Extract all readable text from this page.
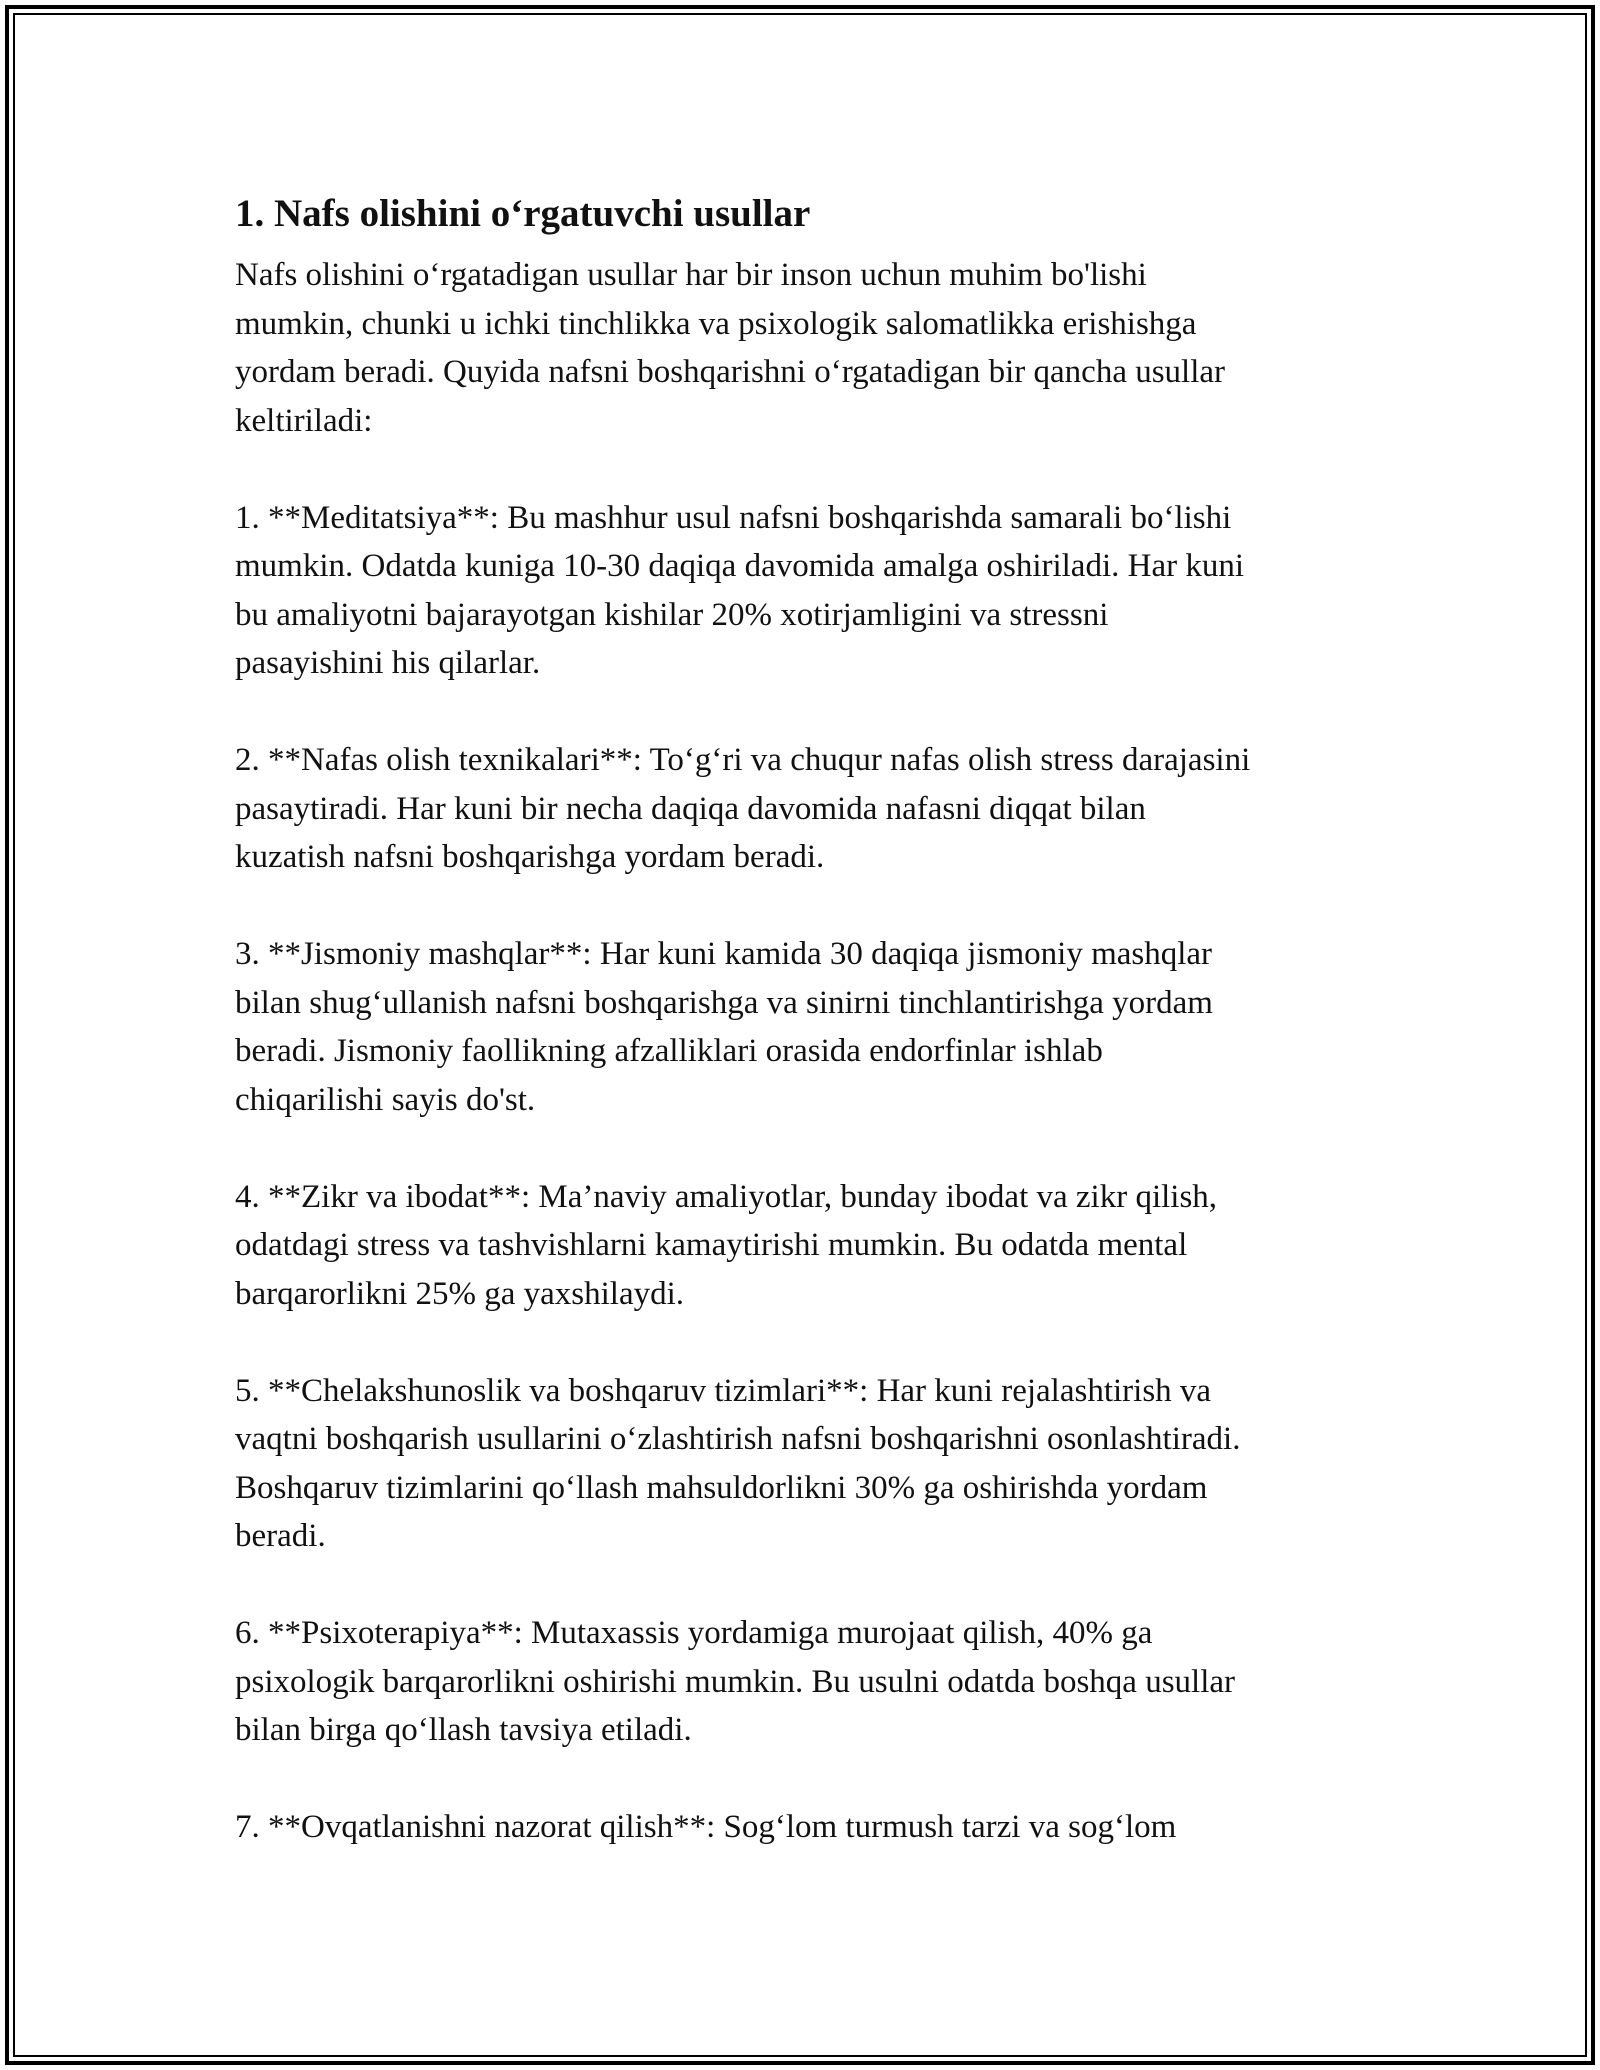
1. Nafs olishini o‘rgatuvchi usullar

Nafs olishini o‘rgatadigan usullar har bir inson uchun muhim bo'lishi
mumkin, chunki u ichki tinchlikka va psixologik salomatlikka erishishga
yordam beradi. Quyida nafsni boshqarishni o‘rgatadigan bir qancha usullar
keltiriladi:

1. **Meditatsiya**: Bu mashhur usul nafsni boshqarishda samarali bo‘lishi
mumkin. Odatda kuniga 10-30 daqiqa davomida amalga oshiriladi. Har kuni
bu amaliyotni bajarayotgan kishilar 20% xotirjamligini va stressni
pasayishini his qilarlar.

2. **Nafas olish texnikalari**: To‘g‘ri va chuqur nafas olish stress darajasini
pasaytiradi. Har kuni bir necha daqiqa davomida nafasni diqqat bilan
kuzatish nafsni boshqarishga yordam beradi.

3. **Jismoniy mashqlar**: Har kuni kamida 30 daqiqa jismoniy mashqlar
bilan shug‘ullanish nafsni boshqarishga va sinirni tinchlantirishga yordam
beradi. Jismoniy faollikning afzalliklari orasida endorfinlar ishlab
chiqarilishi sayis do'st.

4. **Zikr va ibodat**: Ma’naviy amaliyotlar, bunday ibodat va zikr qilish,
odatdagi stress va tashvishlarni kamaytirishi mumkin. Bu odatda mental
barqarorlikni 25% ga yaxshilaydi.

5. **Chelakshunoslik va boshqaruv tizimlari**: Har kuni rejalashtirish va
vaqtni boshqarish usullarini o‘zlashtirish nafsni boshqarishni osonlashtiradi.
Boshqaruv tizimlarini qo‘llash mahsuldorlikni 30% ga oshirishda yordam
beradi.

6. **Psixoterapiya**: Mutaxassis yordamiga murojaat qilish, 40% ga
psixologik barqarorlikni oshirishi mumkin. Bu usulni odatda boshqa usullar
bilan birga qo‘llash tavsiya etiladi.

7. **Ovqatlanishni nazorat qilish**: Sog‘lom turmush tarzi va sog‘lom
